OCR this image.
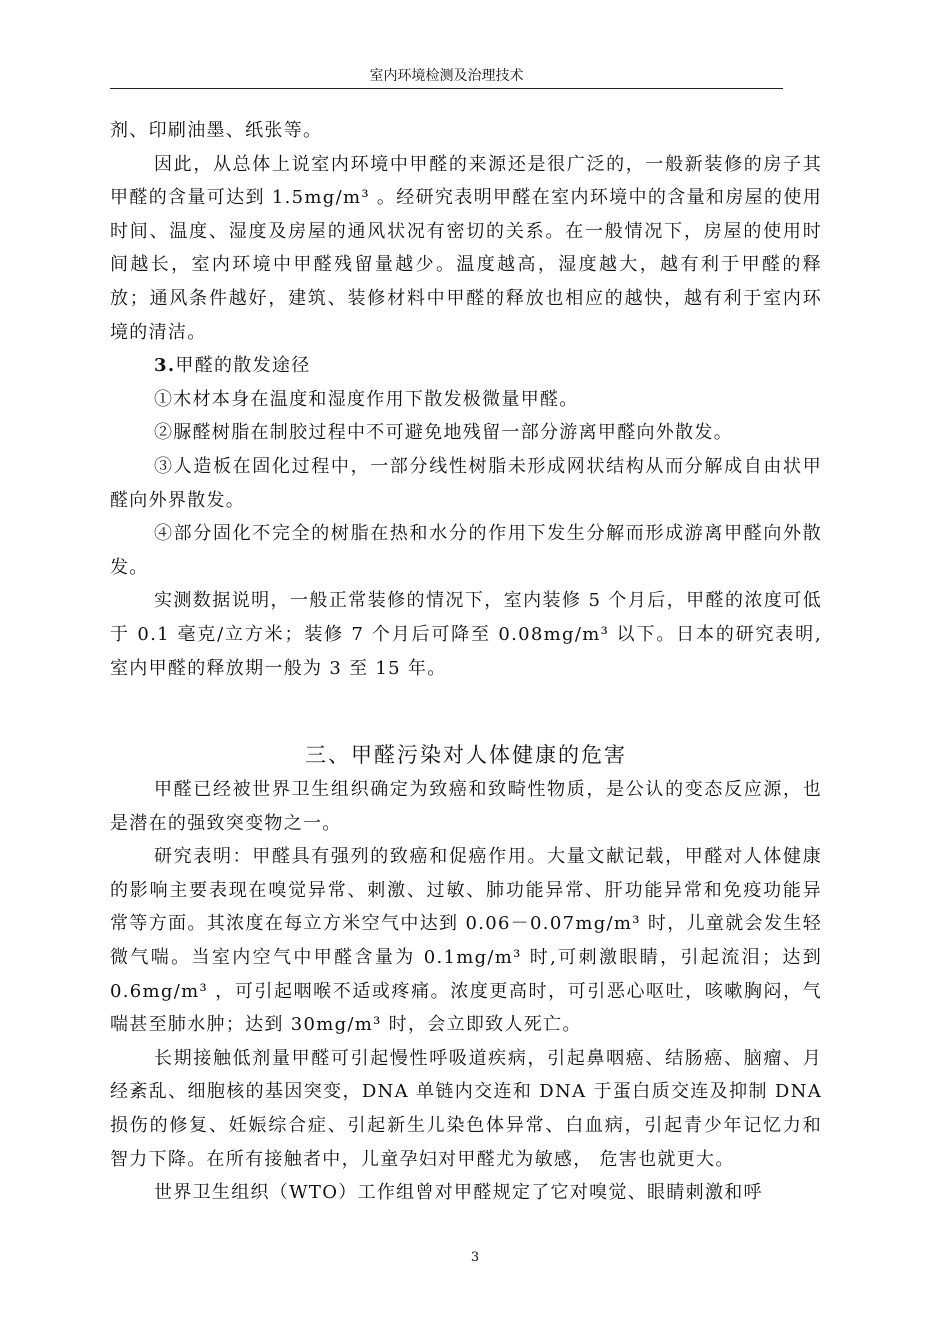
室内环境检测及治理技术

剂、印刷油墨、纸张等。

因此，从总体上说室内环境中甲醛的来源还是很广泛的，一般新装修的房子其甲醛的含量可达到 1.5mg/m³ 。经研究表明甲醛在室内环境中的含量和房屋的使用时间、温度、湿度及房屋的通风状况有密切的关系。在一般情况下，房屋的使用时间越长，室内环境中甲醛残留量越少。温度越高，湿度越大，越有利于甲醛的释放；通风条件越好，建筑、装修材料中甲醛的释放也相应的越快，越有利于室内环境的清洁。

3.甲醛的散发途径

①木材本身在温度和湿度作用下散发极微量甲醛。

②脲醛树脂在制胶过程中不可避免地残留一部分游离甲醛向外散发。

③人造板在固化过程中，一部分线性树脂未形成网状结构从而分解成自由状甲醛向外界散发。

④部分固化不完全的树脂在热和水分的作用下发生分解而形成游离甲醛向外散发。

实测数据说明，一般正常装修的情况下，室内装修 5 个月后，甲醛的浓度可低于 0.1 毫克/立方米；装修 7 个月后可降至 0.08mg/m³ 以下。日本的研究表明,室内甲醛的释放期一般为 3 至 15 年。

三、甲醛污染对人体健康的危害

甲醛已经被世界卫生组织确定为致癌和致畸性物质，是公认的变态反应源，也是潜在的强致突变物之一。

研究表明：甲醛具有强列的致癌和促癌作用。大量文献记载，甲醛对人体健康的影响主要表现在嗅觉异常、刺激、过敏、肺功能异常、肝功能异常和免疫功能异常等方面。其浓度在每立方米空气中达到 0.06－0.07mg/m³ 时，儿童就会发生轻微气喘。当室内空气中甲醛含量为 0.1mg/m³ 时,可刺激眼睛，引起流泪；达到 0.6mg/m³ ，可引起咽喉不适或疼痛。浓度更高时，可引恶心呕吐，咳嗽胸闷，气喘甚至肺水肿；达到 30mg/m³ 时，会立即致人死亡。

长期接触低剂量甲醛可引起慢性呼吸道疾病，引起鼻咽癌、结肠癌、脑瘤、月经紊乱、细胞核的基因突变，DNA 单链内交连和 DNA 于蛋白质交连及抑制 DNA 损伤的修复、妊娠综合症、引起新生儿染色体异常、白血病，引起青少年记忆力和智力下降。在所有接触者中，儿童孕妇对甲醛尤为敏感， 危害也就更大。

世界卫生组织（WTO）工作组曾对甲醛规定了它对嗅觉、眼睛刺激和呼

3
